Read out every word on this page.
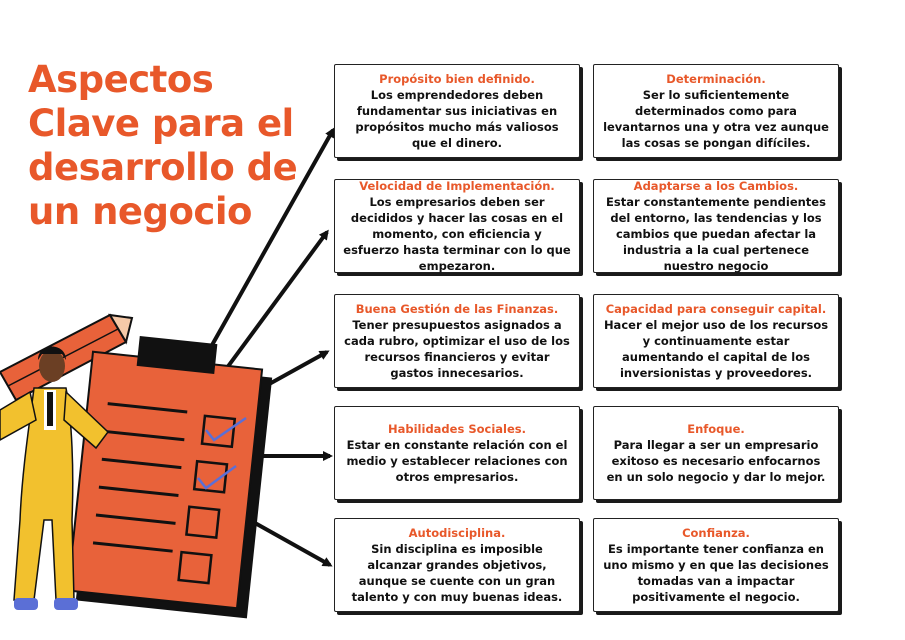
Aspectos Clave para el desarrollo de un negocio
Propósito bien definido.
Los emprendedores deben fundamentar sus iniciativas en propósitos mucho más valiosos que el dinero.
Determinación.
Ser lo suficientemente determinados como para levantarnos una y otra vez aunque las cosas se pongan difíciles.
Velocidad de Implementación.
Los empresarios deben ser decididos y hacer las cosas en el momento, con eficiencia y esfuerzo hasta terminar con lo que empezaron.
Adaptarse a los Cambios.
Estar constantemente pendientes del entorno, las tendencias y los cambios que puedan afectar la industria a la cual pertenece nuestro negocio
Buena Gestión de las Finanzas.
Tener presupuestos asignados a cada rubro, optimizar el uso de los recursos financieros y evitar gastos innecesarios.
Capacidad para conseguir capital.
Hacer el mejor uso de los recursos y continuamente estar aumentando el capital de los inversionistas y proveedores.
Habilidades Sociales.
Estar en constante relación con el medio y establecer relaciones con otros empresarios.
Enfoque.
Para llegar a ser un empresario exitoso es necesario enfocarnos en un solo negocio y dar lo mejor.
Autodisciplina.
Sin disciplina es imposible alcanzar grandes objetivos, aunque se cuente con un gran talento y con muy buenas ideas.
Confianza.
Es importante tener confianza en uno mismo y en que las decisiones tomadas van a impactar positivamente el negocio.
